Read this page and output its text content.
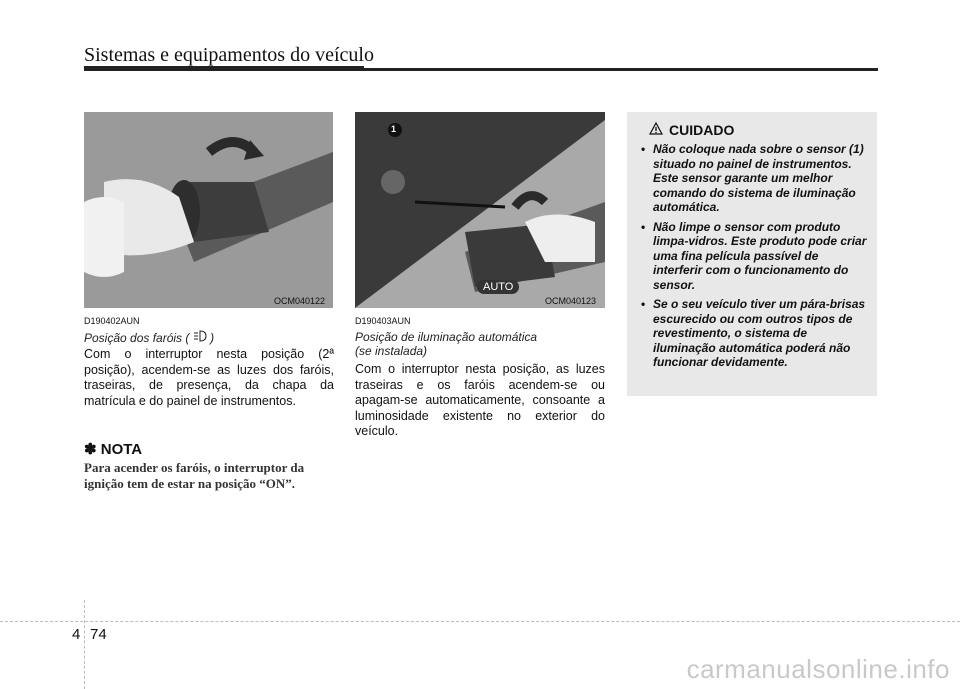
Sistemas e equipamentos do veículo
OCM040122
D190402AUN
Posição dos faróis ( )
Com o interruptor nesta posição (2ª posição), acendem-se as luzes dos faróis, traseiras, de presença, da chapa da matrícula e do painel de instrumentos.
✽ NOTA
Para acender os faróis, o interruptor da ignição tem de estar na posição “ON”.
1
AUTO
OCM040123
D190403AUN
Posição de iluminação automática
(se instalada)
Com o interruptor nesta posição, as luzes traseiras e os faróis acendem-se ou apagam-se automaticamente, consoante a luminosidade existente no exterior do veículo.
CUIDADO
• Não coloque nada sobre o sensor (1) situado no painel de instrumentos. Este sensor garante um melhor comando do sistema de iluminação automática.
• Não limpe o sensor com produto limpa-vidros. Este produto pode criar uma fina película passível de interferir com o funcionamento do sensor.
• Se o seu veículo tiver um pára-brisas escurecido ou com outros tipos de revestimento, o sistema de iluminação automática poderá não funcionar devidamente.
4 74
carmanualsonline.info
